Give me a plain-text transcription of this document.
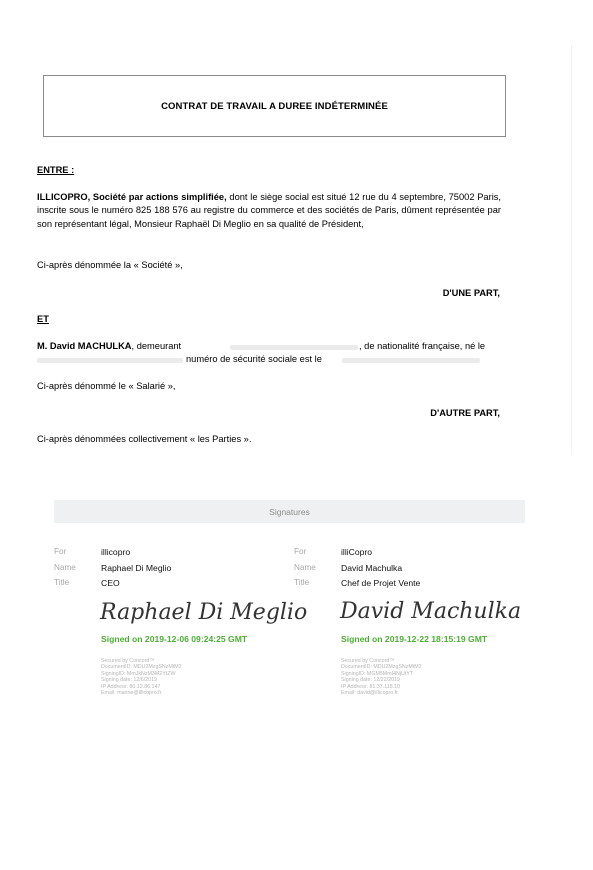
CONTRAT DE TRAVAIL A DUREE INDÉTERMINÉE
ENTRE :
ILLICOPRO, Société par actions simplifiée, dont le siège social est situé 12 rue du 4 septembre, 75002 Paris, inscrite sous le numéro 825 188 576 au registre du commerce et des sociétés de Paris, dûment représentée par son représentant légal, Monsieur Raphaël Di Meglio en sa qualité de Président,
Ci-après dénommée la « Société »,
D'UNE PART,
ET
M. David MACHULKA, demeurant	, de nationalité française, né le
numéro de sécurité sociale est le
Ci-après dénommé le « Salarié »,
D'AUTRE PART,
Ci-après dénommées collectivement « les Parties ».
Signatures
For	illicopro
Name	Raphael Di Meglio
Title	CEO
Raphael Di Meglio
Signed on 2019-12-06 09:24:25 GMT
Secured by Concord™
DocumentID: MDU2MzgSNzMtM2
SigningID: MmJkNzM3M2YtZW
Signing date: 12/6/2019
IP Address: 80.12.86.147
Email: marine@illicopro.fr
For	illiCopro
Name	David Machulka
Title	Chef de Projet Vente
David Machulka
Signed on 2019-12-22 18:15:19 GMT
Secured by Concord™
DocumentID: MDU2MzgSNzMtM2
SigningID: MGM5MmI4NjUtYT
Signing date: 12/22/2019
IP Address: 81.37.118.10
Email: david@illicopro.fr
